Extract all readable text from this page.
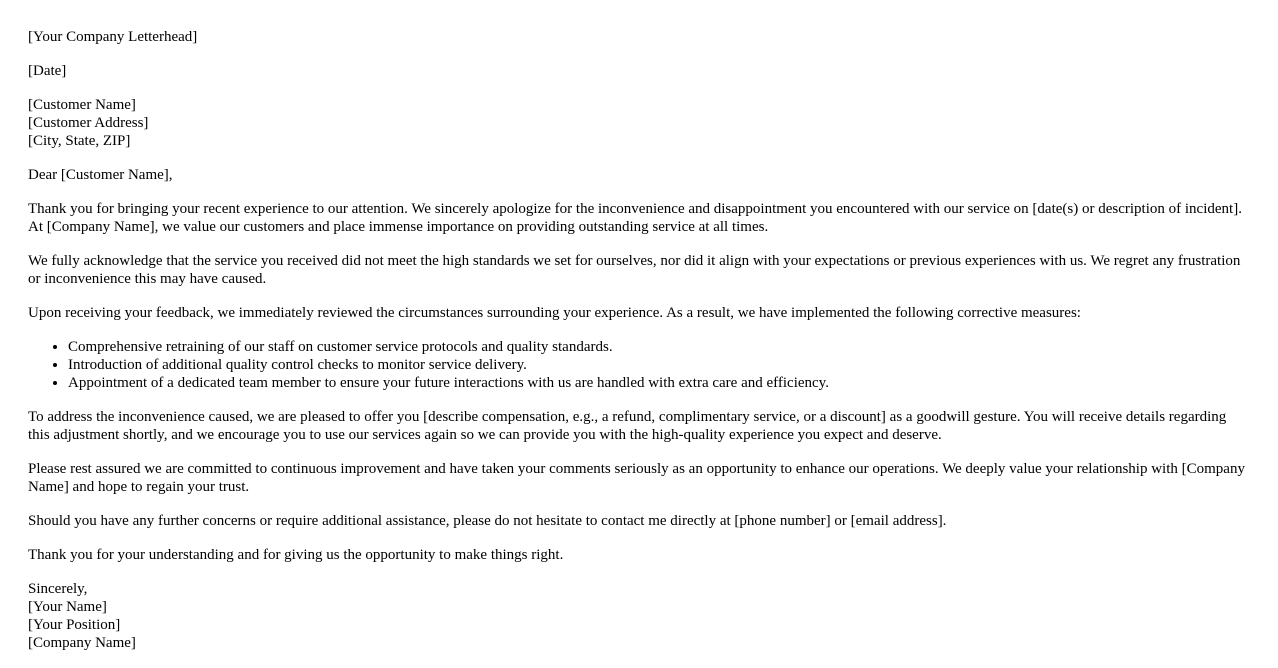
[Your Company Letterhead]

[Date]

[Customer Name]
[Customer Address]
[City, State, ZIP]

Dear [Customer Name],

Thank you for bringing your recent experience to our attention. We sincerely apologize for the inconvenience and disappointment you encountered with our service on [date(s) or description of incident]. At [Company Name], we value our customers and place immense importance on providing outstanding service at all times.

We fully acknowledge that the service you received did not meet the high standards we set for ourselves, nor did it align with your expectations or previous experiences with us. We regret any frustration or inconvenience this may have caused.

Upon receiving your feedback, we immediately reviewed the circumstances surrounding your experience. As a result, we have implemented the following corrective measures:

• Comprehensive retraining of our staff on customer service protocols and quality standards.
• Introduction of additional quality control checks to monitor service delivery.
• Appointment of a dedicated team member to ensure your future interactions with us are handled with extra care and efficiency.

To address the inconvenience caused, we are pleased to offer you [describe compensation, e.g., a refund, complimentary service, or a discount] as a goodwill gesture. You will receive details regarding this adjustment shortly, and we encourage you to use our services again so we can provide you with the high-quality experience you expect and deserve.

Please rest assured we are committed to continuous improvement and have taken your comments seriously as an opportunity to enhance our operations. We deeply value your relationship with [Company Name] and hope to regain your trust.

Should you have any further concerns or require additional assistance, please do not hesitate to contact me directly at [phone number] or [email address].

Thank you for your understanding and for giving us the opportunity to make things right.

Sincerely,
[Your Name]
[Your Position]
[Company Name]
